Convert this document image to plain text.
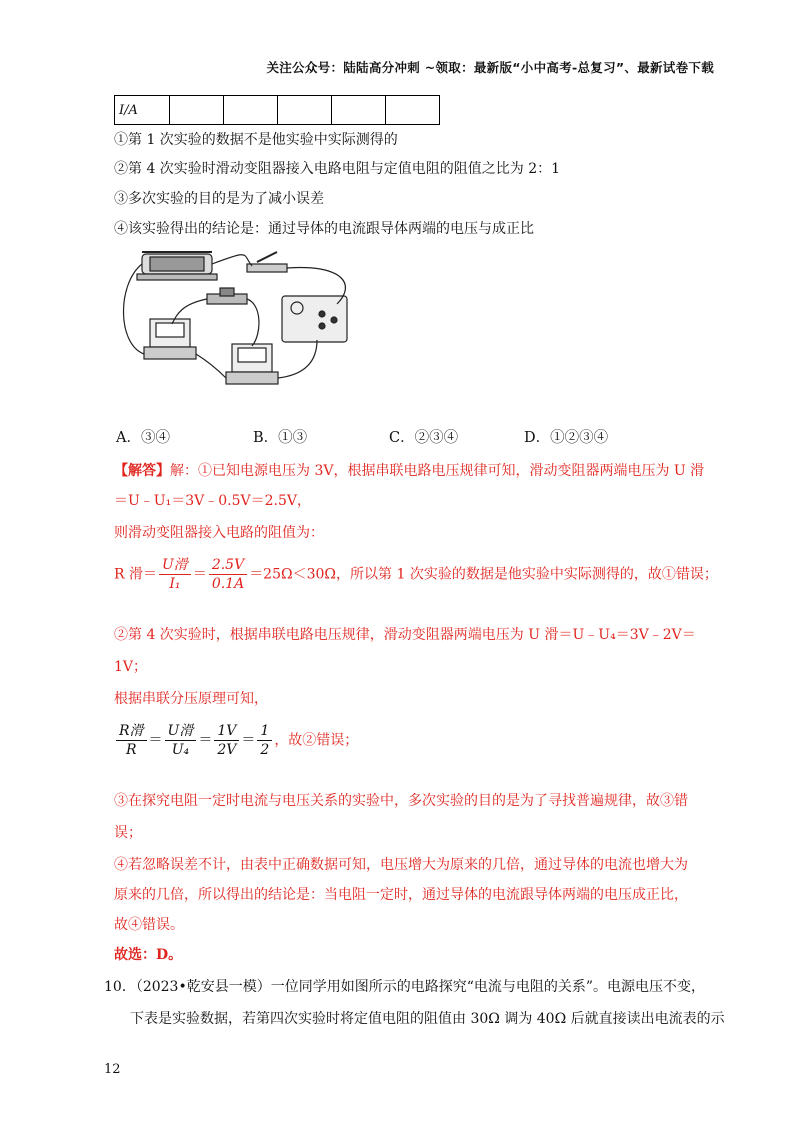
关注公众号：陆陆高分冲刺 ~领取：最新版“小中高考-总复习”、最新试卷下载
I/A					
①第 1 次实验的数据不是他实验中实际测得的
②第 4 次实验时滑动变阻器接入电路电阻与定值电阻的阻值之比为 2：1
③多次实验的目的是为了减小误差
④该实验得出的结论是：通过导体的电流跟导体两端的电压与成正比
A．③④	B．①③	C．②③④	D．①②③④
【解答】解：①已知电源电压为 3V，根据串联电路电压规律可知，滑动变阻器两端电压为 U 滑
＝U﹣U₁＝3V﹣0.5V＝2.5V，
则滑动变阻器接入电路的阻值为：
R 滑＝ $\frac{\text{U滑}}{\text{I₁}} = \frac{2.5V}{0.1A} =25\Omega<30\Omega$，所以第 1 次实验的数据是他实验中实际测得的，故①错误；
②第 4 次实验时，根据串联电路电压规律，滑动变阻器两端电压为 U 滑＝U﹣U₄＝3V﹣2V＝
1V；
根据串联分压原理可知，
$\frac{\text{R滑}}{R} = \frac{\text{U滑}}{\text{U₄}} = \frac{1V}{2V} = \frac{1}{2}$ ，故②错误；
③在探究电阻一定时电流与电压关系的实验中，多次实验的目的是为了寻找普遍规律，故③错
误；
④若忽略误差不计，由表中正确数据可知，电压增大为原来的几倍，通过导体的电流也增大为
原来的几倍，所以得出的结论是：当电阻一定时，通过导体的电流跟导体两端的电压成正比，
故④错误。
故选：D。
10．（2023•乾安县一模）一位同学用如图所示的电路探究“电流与电阻的关系”。电源电压不变，
下表是实验数据，若第四次实验时将定值电阻的阻值由 30Ω 调为 40Ω 后就直接读出电流表的示
12
